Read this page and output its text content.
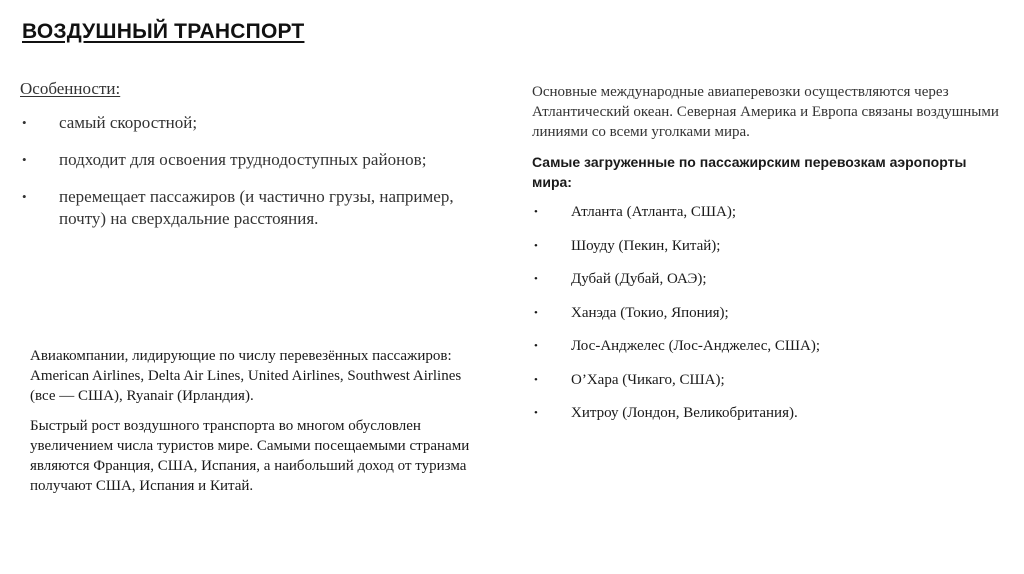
ВОЗДУШНЫЙ ТРАНСПОРТ
Особенности:
• самый скоростной;
• подходит для освоения труднодоступных районов;
• перемещает пассажиров (и частично грузы, например, почту) на сверхдальние расстояния.

Авиакомпании, лидирующие по числу перевезённых пассажиров: American Airlines, Delta Air Lines, United Airlines, Southwest Airlines (все — США), Ryanair (Ирландия).

Быстрый рост воздушного транспорта во многом обусловлен увеличением числа туристов мире. Самыми посещаемыми странами являются Франция, США, Испания, а наибольший доход от туризма получают США, Испания и Китай.

Основные международные авиаперевозки осуществляются через Атлантический океан. Северная Америка и Европа связаны воздушными линиями со всеми уголками мира.

Самые загруженные по пассажирским перевозкам аэропорты мира:

• Атланта (Атланта, США);
• Шоуду (Пекин, Китай);
• Дубай (Дубай, ОАЭ);
• Ханэда (Токио, Япония);
• Лос-Анджелес (Лос-Анджелес, США);
• О’Хара (Чикаго, США);
• Хитроу (Лондон, Великобритания).
